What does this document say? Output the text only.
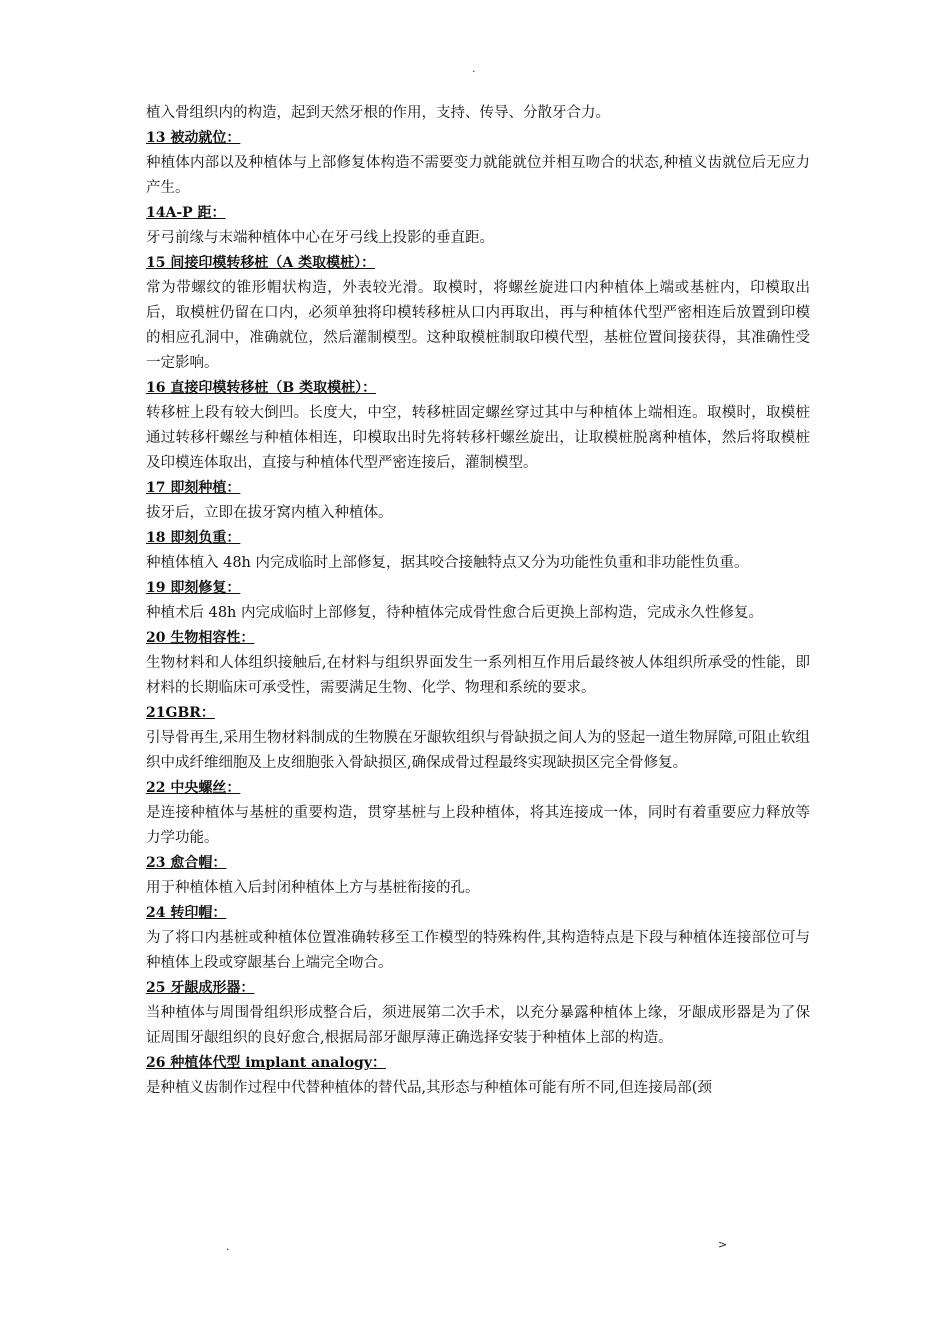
.

植入骨组织内的构造，起到天然牙根的作用，支持、传导、分散牙合力。

13 被动就位：

种植体内部以及种植体与上部修复体构造不需要变力就能就位并相互吻合的状态,种植义齿就位后无应力产生。

14A-P 距：

牙弓前缘与末端种植体中心在牙弓线上投影的垂直距。

15 间接印模转移桩（A 类取模桩）：

常为带螺纹的锥形帽状构造，外表较光滑。取模时，将螺丝旋进口内种植体上端或基桩内，印模取出后，取模桩仍留在口内，必须单独将印模转移桩从口内再取出，再与种植体代型严密相连后放置到印模的相应孔洞中，准确就位，然后灌制模型。这种取模桩制取印模代型，基桩位置间接获得，其准确性受一定影响。

16 直接印模转移桩（B 类取模桩）：

转移桩上段有较大倒凹。长度大，中空，转移桩固定螺丝穿过其中与种植体上端相连。取模时，取模桩通过转移杆螺丝与种植体相连，印模取出时先将转移杆螺丝旋出，让取模桩脱离种植体，然后将取模桩及印模连体取出，直接与种植体代型严密连接后，灌制模型。

17 即刻种植：

拔牙后，立即在拔牙窝内植入种植体。

18 即刻负重：

种植体植入 48h 内完成临时上部修复，据其咬合接触特点又分为功能性负重和非功能性负重。

19 即刻修复：

种植术后 48h 内完成临时上部修复，待种植体完成骨性愈合后更换上部构造，完成永久性修复。

20 生物相容性：

生物材料和人体组织接触后,在材料与组织界面发生一系列相互作用后最终被人体组织所承受的性能，即材料的长期临床可承受性，需要满足生物、化学、物理和系统的要求。

21GBR：

引导骨再生,采用生物材料制成的生物膜在牙龈软组织与骨缺损之间人为的竖起一道生物屏障,可阻止软组织中成纤维细胞及上皮细胞张入骨缺损区,确保成骨过程最终实现缺损区完全骨修复。

22 中央螺丝：

是连接种植体与基桩的重要构造，贯穿基桩与上段种植体，将其连接成一体，同时有着重要应力释放等力学功能。

23 愈合帽：

用于种植体植入后封闭种植体上方与基桩衔接的孔。

24 转印帽：

为了将口内基桩或种植体位置准确转移至工作模型的特殊构件,其构造特点是下段与种植体连接部位可与种植体上段或穿龈基台上端完全吻合。

25 牙龈成形器：

当种植体与周围骨组织形成整合后，须进展第二次手术，以充分暴露种植体上缘，牙龈成形器是为了保证周围牙龈组织的良好愈合,根据局部牙龈厚薄正确选择安装于种植体上部的构造。

26 种植体代型 implant analogy：

是种植义齿制作过程中代替种植体的替代品,其形态与种植体可能有所不同,但连接局部(颈

.	>
